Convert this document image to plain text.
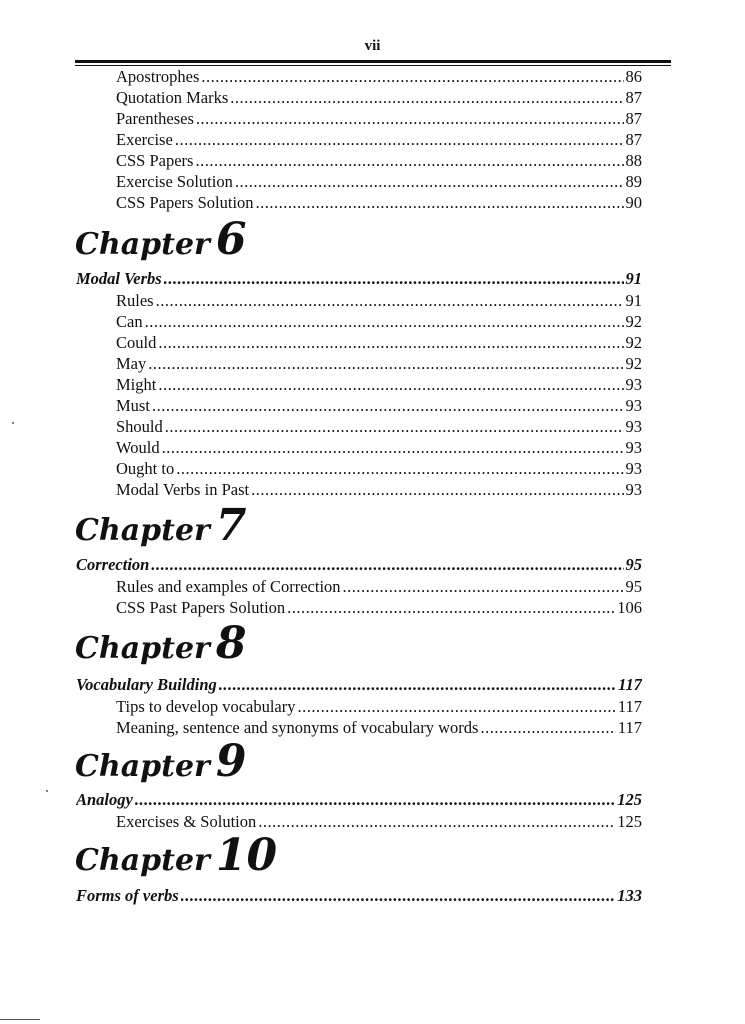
vii
Apostrophes .....	86
Quotation Marks .....	87
Parentheses .....	87
Exercise .....	87
CSS Papers .....	88
Exercise Solution .....	89
CSS Papers Solution .....	90
Chapter 6
Modal Verbs .....	91
Rules .....	91
Can .....	92
Could .....	92
May .....	92
Might .....	93
Must .....	93
Should .....	93
Would .....	93
Ought to .....	93
Modal Verbs in Past .....	93
Chapter 7
Correction .....	95
Rules and examples of Correction .....	95
CSS Past Papers Solution .....	106
Chapter 8
Vocabulary Building .....	117
Tips to develop vocabulary .....	117
Meaning, sentence and synonyms of vocabulary words .....	117
Chapter 9
Analogy .....	125
Exercises & Solution .....	125
Chapter 10
Forms of verbs .....	133
